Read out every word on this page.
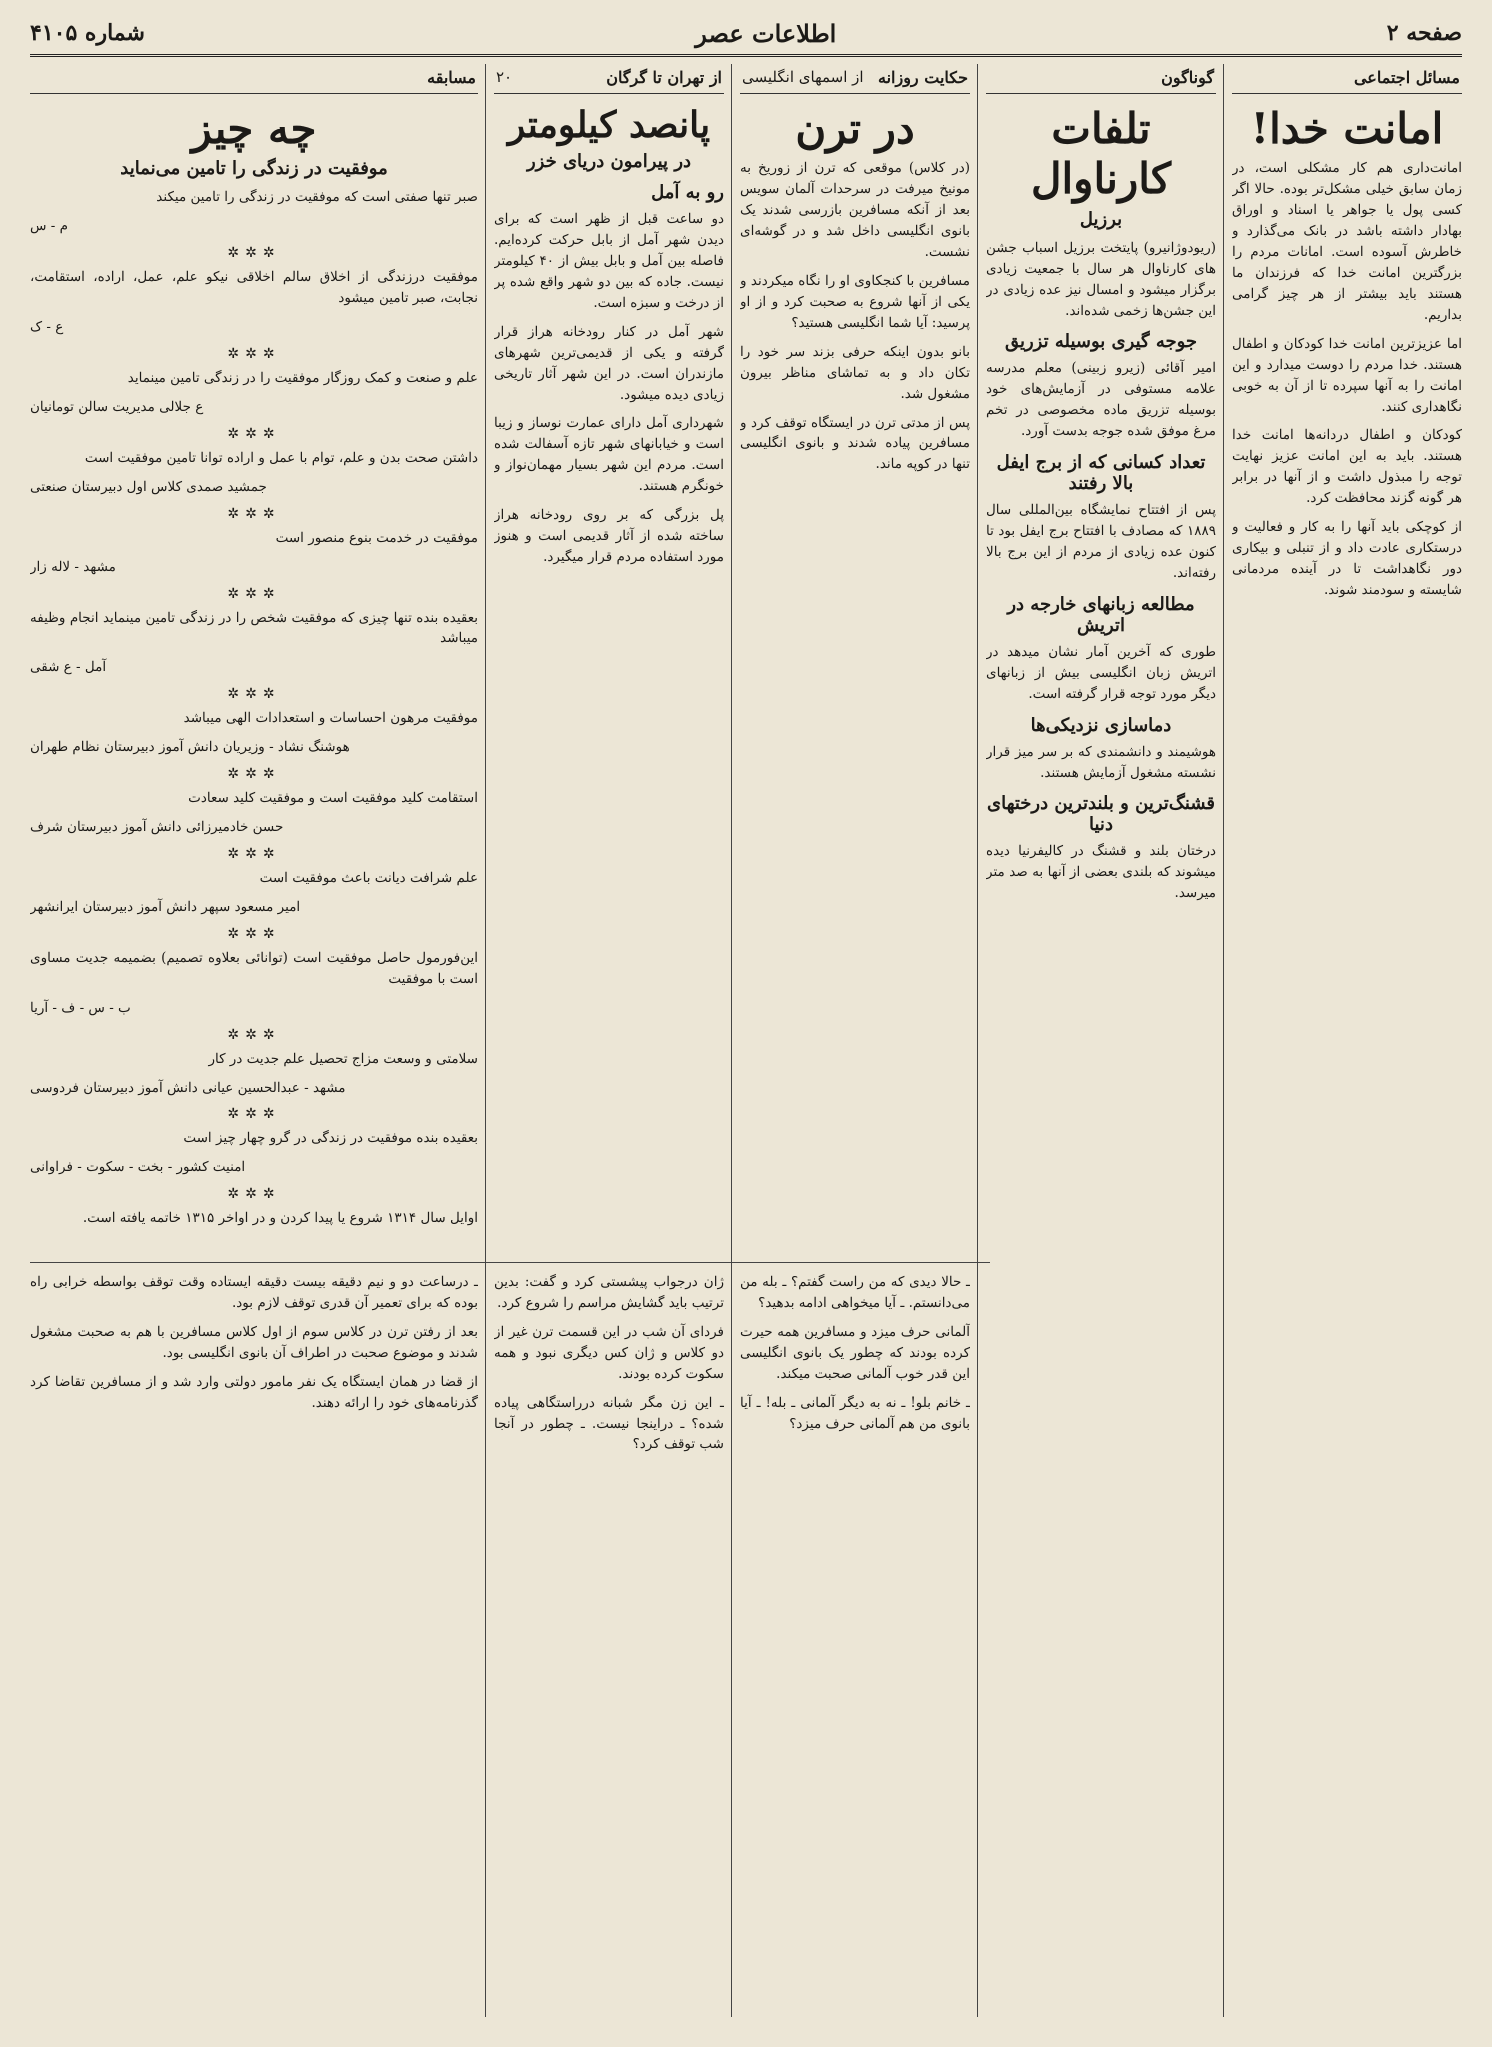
صفحه ۲
اطلاعات عصر
شماره ۴۱۰۵
مسائل اجتماعی
امانت خدا!

امانت‌داری هم کار مشکلی است، در زمان سابق خیلی مشکل‌تر بوده. حالا اگر کسی پول یا جواهر یا اسناد و اوراق بهادار داشته باشد در بانک می‌گذارد و خاطرش آسوده است. امانات مردم را بزرگترین امانت خدا که فرزندان ما هستند باید بیشتر از هر چیز گرامی بداریم.

اما عزیزترین امانت خدا کودکان و اطفال هستند. خدا مردم را دوست میدارد و این امانت را به آنها سپرده تا از آن به خوبی نگاهداری کنند.

کودکان و اطفال دردانه‌ها امانت خدا هستند. باید به این امانت عزیز نهایت توجه را مبذول داشت و از آنها در برابر هر گونه گزند محافظت کرد.

از کوچکی باید آنها را به کار و فعالیت و درستکاری عادت داد و از تنبلی و بیکاری دور نگاهداشت تا در آینده مردمانی شایسته و سودمند شوند.

گوناگون
تلفات کارناوال
برزیل

(ریودوژانیرو) پایتخت برزیل اسباب جشن های کارناوال هر سال با جمعیت زیادی برگزار میشود و امسال نیز عده زیادی در این جشن‌ها زخمی شده‌اند.

جوجه گیری بوسیله تزریق

امیر آقائی (زیرو زبینی) معلم مدرسه علامه مستوفی در آزمایش‌های خود بوسیله تزریق ماده مخصوصی در تخم مرغ موفق شده جوجه بدست آورد.

تعداد کسانی که از برج ایفل بالا رفتند

پس از افتتاح نمایشگاه بین‌المللی سال ۱۸۸۹ که مصادف با افتتاح برج ایفل بود تا کنون عده زیادی از مردم از این برج بالا رفته‌اند.

مطالعه زبانهای خارجه در اتریش

طوری که آخرین آمار نشان میدهد در اتریش زبان انگلیسی بیش از زبانهای دیگر مورد توجه قرار گرفته است.

دماسازی نزدیکی‌ها

هوشیمند و دانشمندی که بر سر میز قرار نشسته مشغول آزمایش هستند.

قشنگ‌ترین و بلندترین درختهای دنیا

درختان بلند و قشنگ در کالیفرنیا دیده میشوند که بلندی بعضی از آنها به صد متر میرسد.

حکایت روزانه
از اسمهای انگلیسی
در ترن

(در کلاس) موقعی که ترن از زوریخ به مونیخ میرفت در سرحدات آلمان سویس بعد از آنکه مسافرین بازرسی شدند یک بانوی انگلیسی داخل شد و در گوشه‌ای نشست.

مسافرین با کنجکاوی او را نگاه میکردند و یکی از آنها شروع به صحبت کرد و از او پرسید: آیا شما انگلیسی هستید؟

بانو بدون اینکه حرفی بزند سر خود را تکان داد و به تماشای مناظر بیرون مشغول شد.

پس از مدتی ترن در ایستگاه توقف کرد و مسافرین پیاده شدند و بانوی انگلیسی تنها در کوپه ماند.

از تهران تا گرگان
۲۰
پانصد کیلومتر
در پیرامون دریای خزر
رو به آمل

دو ساعت قبل از ظهر است که برای دیدن شهر آمل از بابل حرکت کرده‌ایم. فاصله بین آمل و بابل بیش از ۴۰ کیلومتر نیست. جاده که بین دو شهر واقع شده پر از درخت و سبزه است.

شهر آمل در کنار رودخانه هراز قرار گرفته و یکی از قدیمی‌ترین شهرهای مازندران است. در این شهر آثار تاریخی زیادی دیده میشود.

شهرداری آمل دارای عمارت نوساز و زیبا است و خیابانهای شهر تازه آسفالت شده است. مردم این شهر بسیار مهمان‌نواز و خونگرم هستند.

پل بزرگی که بر روی رودخانه هراز ساخته شده از آثار قدیمی است و هنوز مورد استفاده مردم قرار میگیرد.

مسابقه
چه چیز
موفقیت در زندگی را تامین می‌نماید

صبر تنها صفتی است که موفقیت در زندگی را تامین میکند

م - س

✲✲✲

موفقیت درزندگی از اخلاق سالم اخلاقی نیکو علم، عمل، اراده، استقامت، نجابت، صبر تامین میشود

ع - ک

✲✲✲

علم و صنعت و کمک روزگار موفقیت را در زندگی تامین مینماید

ع جلالی مدیریت سالن تومانیان

✲✲✲

داشتن صحت بدن و علم، توام با عمل و اراده توانا تامین موفقیت است

جمشید صمدی کلاس اول دبیرستان صنعتی

✲✲✲

موفقیت در خدمت بنوع منصور است

مشهد - لاله زار

✲✲✲

بعقیده بنده تنها چیزی که موفقیت شخص را در زندگی تامین مینماید انجام وظیفه میباشد

آمل - ع شقی

✲✲✲

موفقیت مرهون احساسات و استعدادات الهی میباشد

هوشنگ نشاد - وزیریان دانش آموز دبیرستان نظام طهران

✲✲✲

استقامت کلید موفقیت است و موفقیت کلید سعادت

حسن خادمیرزائی دانش آموز دبیرستان شرف

✲✲✲

علم شرافت دیانت باعث موفقیت است

امیر مسعود سپهر دانش آموز دبیرستان ایرانشهر

✲✲✲

این‌فورمول حاصل موفقیت است (توانائی بعلاوه تصمیم) بضمیمه جدیت مساوی است با موفقیت

ب - س - ف - آریا

✲✲✲

سلامتی و وسعت مزاج تحصیل علم جدیت در کار

مشهد - عبدالحسین عیانی دانش آموز دبیرستان فردوسی

✲✲✲

بعقیده بنده موفقیت در زندگی در گرو چهار چیز است

امنیت کشور - بخت - سکوت - فراوانی

✲✲✲

اوایل سال ۱۳۱۴ شروع یا پیدا کردن و در اواخر ۱۳۱۵ خاتمه یافته است.

ـ حالا دیدی که من راست گفتم؟ ـ بله من می‌دانستم. ـ آیا میخواهی ادامه بدهید؟

آلمانی حرف میزد و مسافرین همه حیرت کرده بودند که چطور یک بانوی انگلیسی این قدر خوب آلمانی صحبت میکند.

ـ خانم بلو! ـ نه به دیگر آلمانی ـ بله! ـ آیا بانوی من هم آلمانی حرف میزد؟

ژان درجواب پیشستی کرد و گفت: بدین ترتیب باید گشایش مراسم را شروع کرد.

فردای آن شب در این قسمت ترن غیر از دو کلاس و ژان کس دیگری نبود و همه سکوت کرده بودند.

ـ این زن مگر شبانه درراستگاهی پیاده شده؟ ـ دراینجا نیست. ـ چطور در آنجا شب توقف کرد؟

ـ درساعت دو و نیم دقیقه بیست دقیقه ایستاده وقت توقف بواسطه خرابی راه بوده که برای تعمیر آن قدری توقف لازم بود.

بعد از رفتن ترن در کلاس سوم از اول کلاس مسافرین با هم به صحبت مشغول شدند و موضوع صحبت در اطراف آن بانوی انگلیسی بود.

از قضا در همان ایستگاه یک نفر مامور دولتی وارد شد و از مسافرین تقاضا کرد گذرنامه‌های خود را ارائه دهند.
